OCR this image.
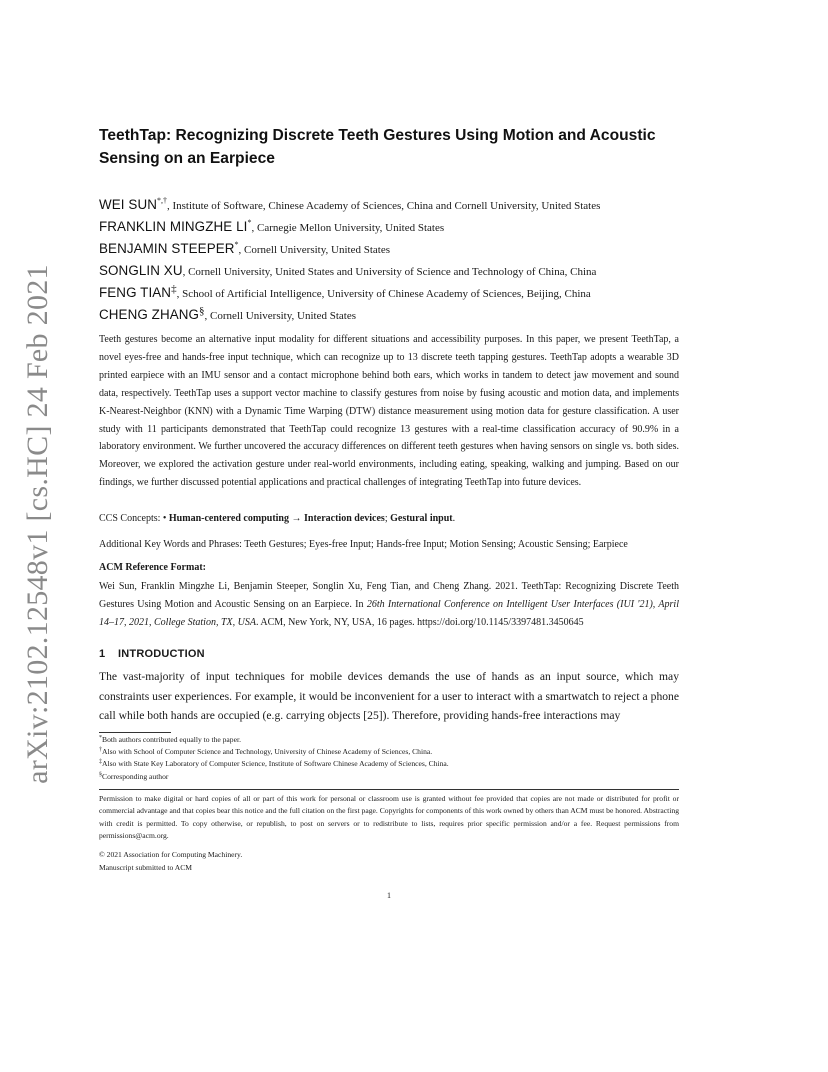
arXiv:2102.12548v1 [cs.HC] 24 Feb 2021
TeethTap: Recognizing Discrete Teeth Gestures Using Motion and Acoustic Sensing on an Earpiece
WEI SUN*,†, Institute of Software, Chinese Academy of Sciences, China and Cornell University, United States
FRANKLIN MINGZHE LI*, Carnegie Mellon University, United States
BENJAMIN STEEPER*, Cornell University, United States
SONGLIN XU, Cornell University, United States and University of Science and Technology of China, China
FENG TIAN‡, School of Artificial Intelligence, University of Chinese Academy of Sciences, Beijing, China
CHENG ZHANG§, Cornell University, United States

Teeth gestures become an alternative input modality for different situations and accessibility purposes. In this paper, we present TeethTap, a novel eyes-free and hands-free input technique, which can recognize up to 13 discrete teeth tapping gestures. TeethTap adopts a wearable 3D printed earpiece with an IMU sensor and a contact microphone behind both ears, which works in tandem to detect jaw movement and sound data, respectively. TeethTap uses a support vector machine to classify gestures from noise by fusing acoustic and motion data, and implements K-Nearest-Neighbor (KNN) with a Dynamic Time Warping (DTW) distance measurement using motion data for gesture classification. A user study with 11 participants demonstrated that TeethTap could recognize 13 gestures with a real-time classification accuracy of 90.9% in a laboratory environment. We further uncovered the accuracy differences on different teeth gestures when having sensors on single vs. both sides. Moreover, we explored the activation gesture under real-world environments, including eating, speaking, walking and jumping. Based on our findings, we further discussed potential applications and practical challenges of integrating TeethTap into future devices.

CCS Concepts: • Human-centered computing → Interaction devices; Gestural input.
Additional Key Words and Phrases: Teeth Gestures; Eyes-free Input; Hands-free Input; Motion Sensing; Acoustic Sensing; Earpiece
ACM Reference Format:
Wei Sun, Franklin Mingzhe Li, Benjamin Steeper, Songlin Xu, Feng Tian, and Cheng Zhang. 2021. TeethTap: Recognizing Discrete Teeth Gestures Using Motion and Acoustic Sensing on an Earpiece. In 26th International Conference on Intelligent User Interfaces (IUI '21), April 14–17, 2021, College Station, TX, USA. ACM, New York, NY, USA, 16 pages. https://doi.org/10.1145/3397481.3450645
1 INTRODUCTION
The vast-majority of input techniques for mobile devices demands the use of hands as an input source, which may constraints user experiences. For example, it would be inconvenient for a user to interact with a smartwatch to reject a phone call while both hands are occupied (e.g. carrying objects [25]). Therefore, providing hands-free interactions may
*Both authors contributed equally to the paper.
†Also with School of Computer Science and Technology, University of Chinese Academy of Sciences, China.
‡Also with State Key Laboratory of Computer Science, Institute of Software Chinese Academy of Sciences, China.
§Corresponding author
Permission to make digital or hard copies of all or part of this work for personal or classroom use is granted without fee provided that copies are not made or distributed for profit or commercial advantage and that copies bear this notice and the full citation on the first page. Copyrights for components of this work owned by others than ACM must be honored. Abstracting with credit is permitted. To copy otherwise, or republish, to post on servers or to redistribute to lists, requires prior specific permission and/or a fee. Request permissions from permissions@acm.org.
© 2021 Association for Computing Machinery.
Manuscript submitted to ACM
1
